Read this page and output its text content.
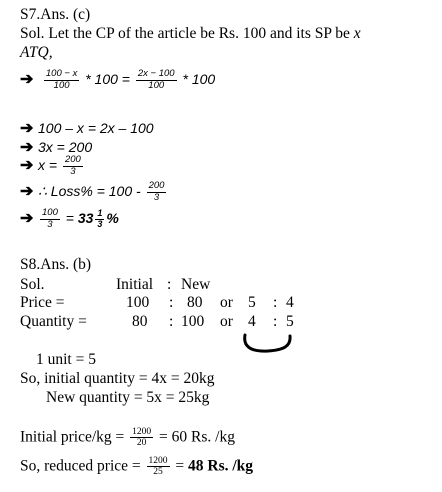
S7.Ans. (c)
Sol. Let the CP of the article be Rs. 100 and its SP be x
ATQ,
➔ $\frac{100 - x}{100} * 100 = \frac{2x - 100}{100} * 100$
➔ 100 – x = 2x – 100
➔ 3x = 200
➔ $x = \frac{200}{3}$
➔ ∴ Loss% = $100 - \frac{200}{3}$
➔ $\frac{100}{3} = 33 \frac{1}{3}$ %
S8.Ans. (b)
Sol.	Initial : New
Price =	100 : 80 or 5 : 4
Quantity =	80 : 100 or 4 : 5
1 unit = 5
So, initial quantity = 4x = 20kg
New quantity = 5x = 25kg
Initial price/kg = $\frac{1200}{20} = 60$ Rs. /kg
So, reduced price = $\frac{1200}{25} = 48$ Rs. /kg
